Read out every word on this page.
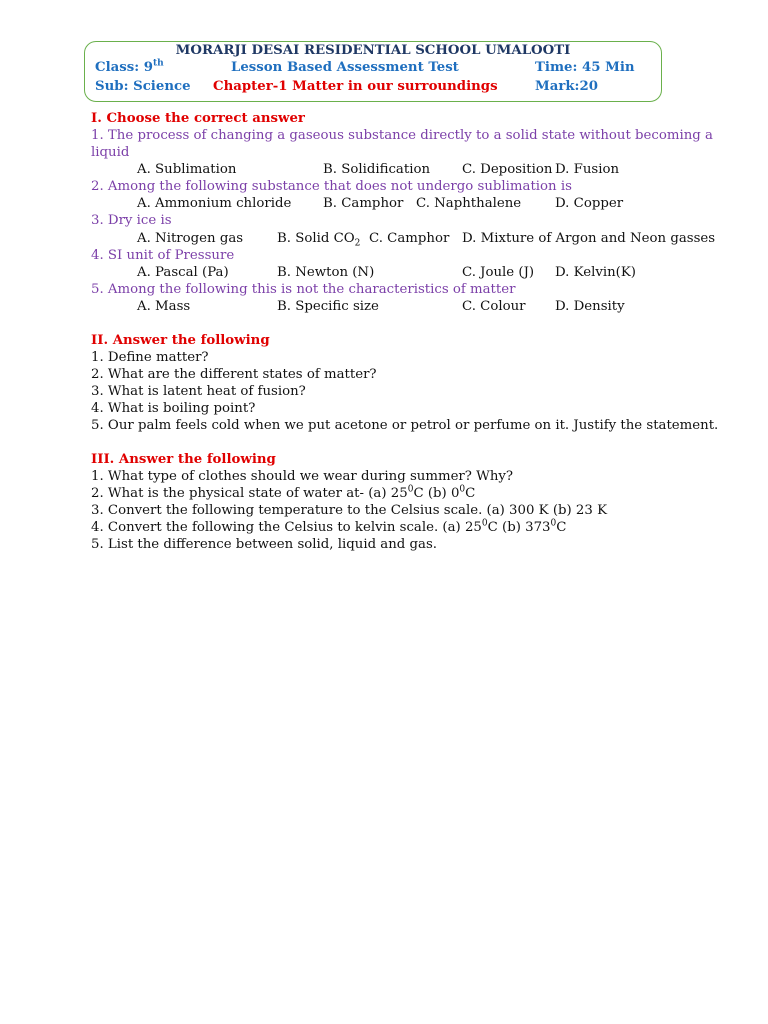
MORARJI DESAI RESIDENTIAL SCHOOL UMALOOTI
Class: 9th	Lesson Based Assessment Test	Time: 45 Min
Sub: Science Chapter-1 Matter in our surroundings	Mark:20
I. Choose the correct answer
1. The process of changing a gaseous substance directly to a solid state without becoming a
liquid
A. Sublimation	B. Solidification C. Deposition D. Fusion
2. Among the following substance that does not undergo sublimation is
A. Ammonium chloride B. Camphor C. Naphthalene	D. Copper
3. Dry ice is
A. Nitrogen gas	B. Solid $CO_2$ C. Camphor D. Mixture of Argon and Neon gasses
4. SI unit of Pressure
A. Pascal (Pa)	B. Newton (N)	C. Joule (J) D. Kelvin(K)
5. Among the following this is not the characteristics of matter
A. Mass	B. Specific size	C. Colour D. Density
II. Answer the following
1. Define matter?
2. What are the different states of matter?
3. What is latent heat of fusion?
4. What is boiling point?
5. Our palm feels cold when we put acetone or petrol or perfume on it. Justify the statement.
III. Answer the following
1. What type of clothes should we wear during summer? Why?
2. What is the physical state of water at- (a) $25^0C$ (b) $0^0C$
3. Convert the following temperature to the Celsius scale. (a) 300 K (b) 23 K
4. Convert the following the Celsius to kelvin scale. (a) $25^0C$ (b) $373^0C$
5. List the difference between solid, liquid and gas.
